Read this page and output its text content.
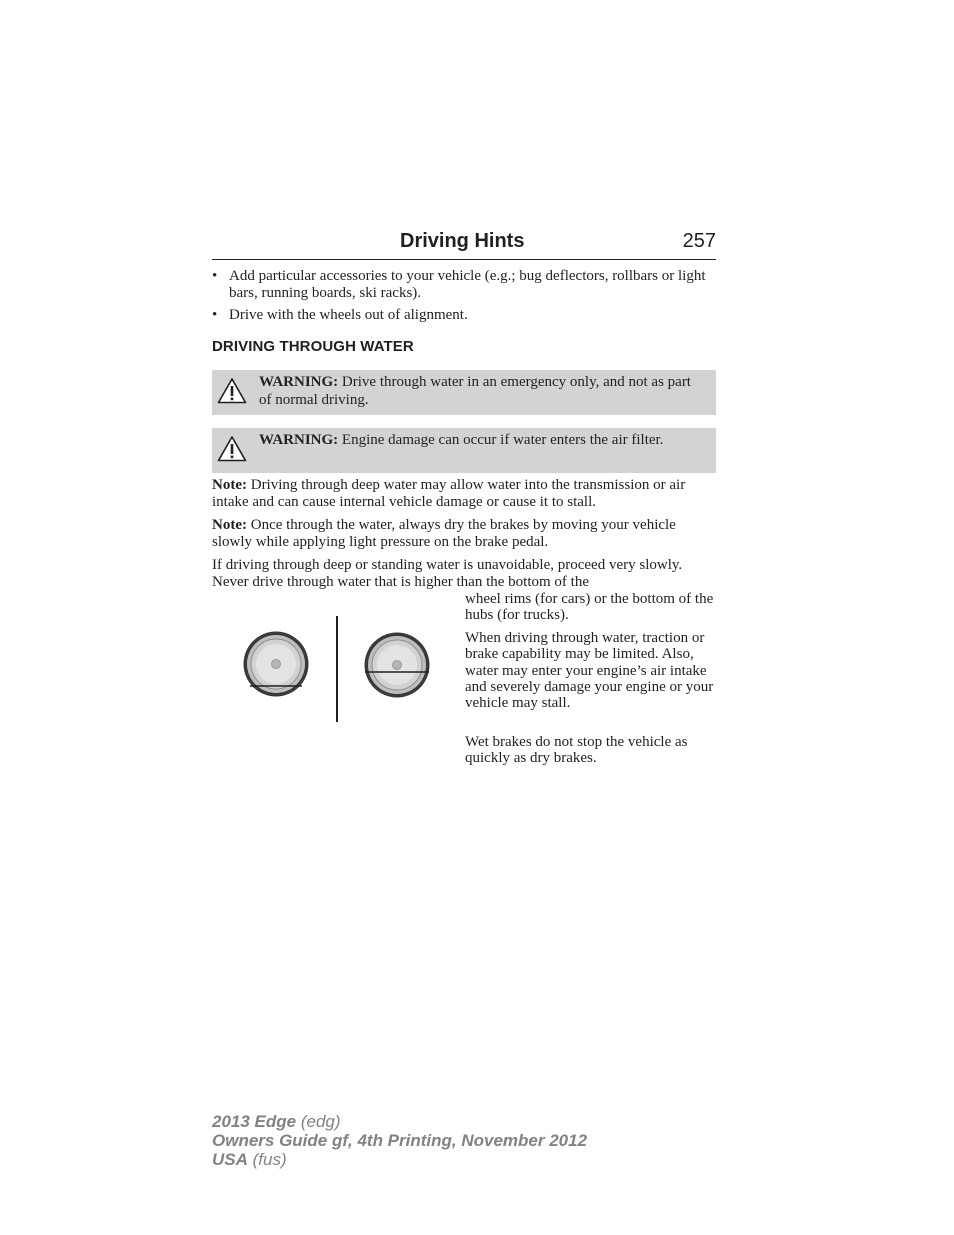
Driving Hints	257
• Add particular accessories to your vehicle (e.g.; bug deflectors, rollbars or light bars, running boards, ski racks).
• Drive with the wheels out of alignment.
DRIVING THROUGH WATER
WARNING: Drive through water in an emergency only, and not as part of normal driving.
WARNING: Engine damage can occur if water enters the air filter.
Note: Driving through deep water may allow water into the transmission or air intake and can cause internal vehicle damage or cause it to stall.
Note: Once through the water, always dry the brakes by moving your vehicle slowly while applying light pressure on the brake pedal.
If driving through deep or standing water is unavoidable, proceed very slowly. Never drive through water that is higher than the bottom of the
wheel rims (for cars) or the bottom of the hubs (for trucks).
When driving through water, traction or brake capability may be limited. Also, water may enter your engine’s air intake and severely damage your engine or your vehicle may stall.
Wet brakes do not stop the vehicle as quickly as dry brakes.
2013 Edge (edg)
Owners Guide gf, 4th Printing, November 2012
USA (fus)
